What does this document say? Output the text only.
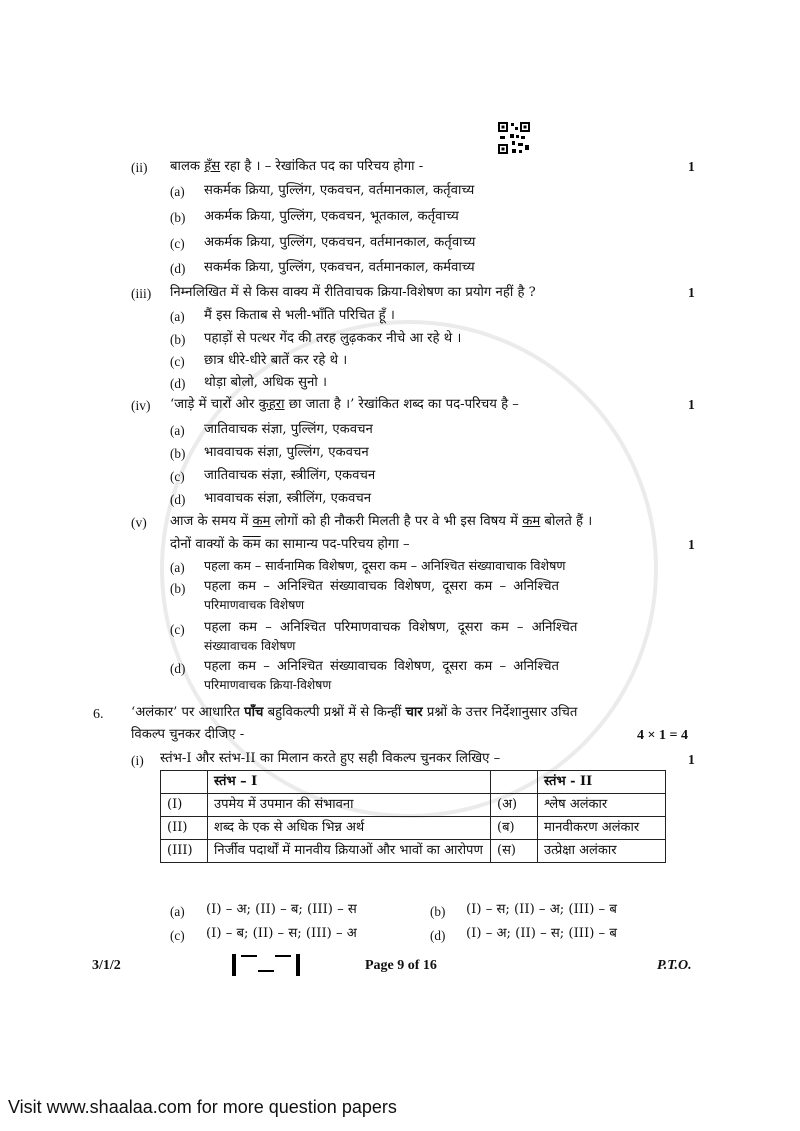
(ii) बालक हँस रहा है । – रेखांकित पद का परिचय होगा -	1
(a) सकर्मक क्रिया, पुल्लिंग, एकवचन, वर्तमानकाल, कर्तृवाच्य
(b) अकर्मक क्रिया, पुल्लिंग, एकवचन, भूतकाल, कर्तृवाच्य
(c) अकर्मक क्रिया, पुल्लिंग, एकवचन, वर्तमानकाल, कर्तृवाच्य
(d) सकर्मक क्रिया, पुल्लिंग, एकवचन, वर्तमानकाल, कर्मवाच्य
(iii) निम्नलिखित में से किस वाक्य में रीतिवाचक क्रिया-विशेषण का प्रयोग नहीं है ?	1
(a) मैं इस किताब से भली-भाँति परिचित हूँ ।
(b) पहाड़ों से पत्थर गेंद की तरह लुढ़ककर नीचे आ रहे थे ।
(c) छात्र धीरे-धीरे बातें कर रहे थे ।
(d) थोड़ा बोलो, अधिक सुनो ।
(iv) ‘जाड़े में चारों ओर कुहरा छा जाता है ।’ रेखांकित शब्द का पद-परिचय है –	1
(a) जातिवाचक संज्ञा, पुल्लिंग, एकवचन
(b) भाववाचक संज्ञा, पुल्लिंग, एकवचन
(c) जातिवाचक संज्ञा, स्त्रीलिंग, एकवचन
(d) भाववाचक संज्ञा, स्त्रीलिंग, एकवचन
(v) आज के समय में कम लोगों को ही नौकरी मिलती है पर वे भी इस विषय में कम बोलते हैं ।
दोनों वाक्यों के कम का सामान्य पद-परिचय होगा –	1
(a) पहला कम – सार्वनामिक विशेषण, दूसरा कम – अनिश्चित संख्यावाचाक विशेषण
(b) पहला कम – अनिश्चित संख्यावाचक विशेषण, दूसरा कम – अनिश्चित
परिमाणवाचक विशेषण
(c) पहला कम – अनिश्चित परिमाणवाचक विशेषण, दूसरा कम – अनिश्चित
संख्यावाचक विशेषण
(d) पहला कम – अनिश्चित संख्यावाचक विशेषण, दूसरा कम – अनिश्चित
परिमाणवाचक क्रिया-विशेषण
6. ‘अलंकार’ पर आधारित पाँच बहुविकल्पी प्रश्नों में से किन्हीं चार प्रश्नों के उत्तर निर्देशानुसार उचित
विकल्प चुनकर दीजिए -	4 × 1 = 4
(i) स्तंभ-I और स्तंभ-II का मिलान करते हुए सही विकल्प चुनकर लिखिए –	1
	स्तंभ – I		स्तंभ - II
(I)	उपमेय में उपमान की संभावना	(अ)	श्लेष अलंकार
(II)	शब्द के एक से अधिक भिन्न अर्थ	(ब)	मानवीकरण अलंकार
(III)	निर्जीव पदार्थों में मानवीय क्रियाओं और भावों का आरोपण	(स)	उत्प्रेक्षा अलंकार
(a) (I) – अ; (II) – ब; (III) – स	(b) (I) – स; (II) – अ; (III) – ब
(c) (I) – ब; (II) – स; (III) – अ	(d) (I) – अ; (II) – स; (III) – ब
3/1/2	Page 9 of 16	P.T.O.
Visit www.shaalaa.com for more question papers
